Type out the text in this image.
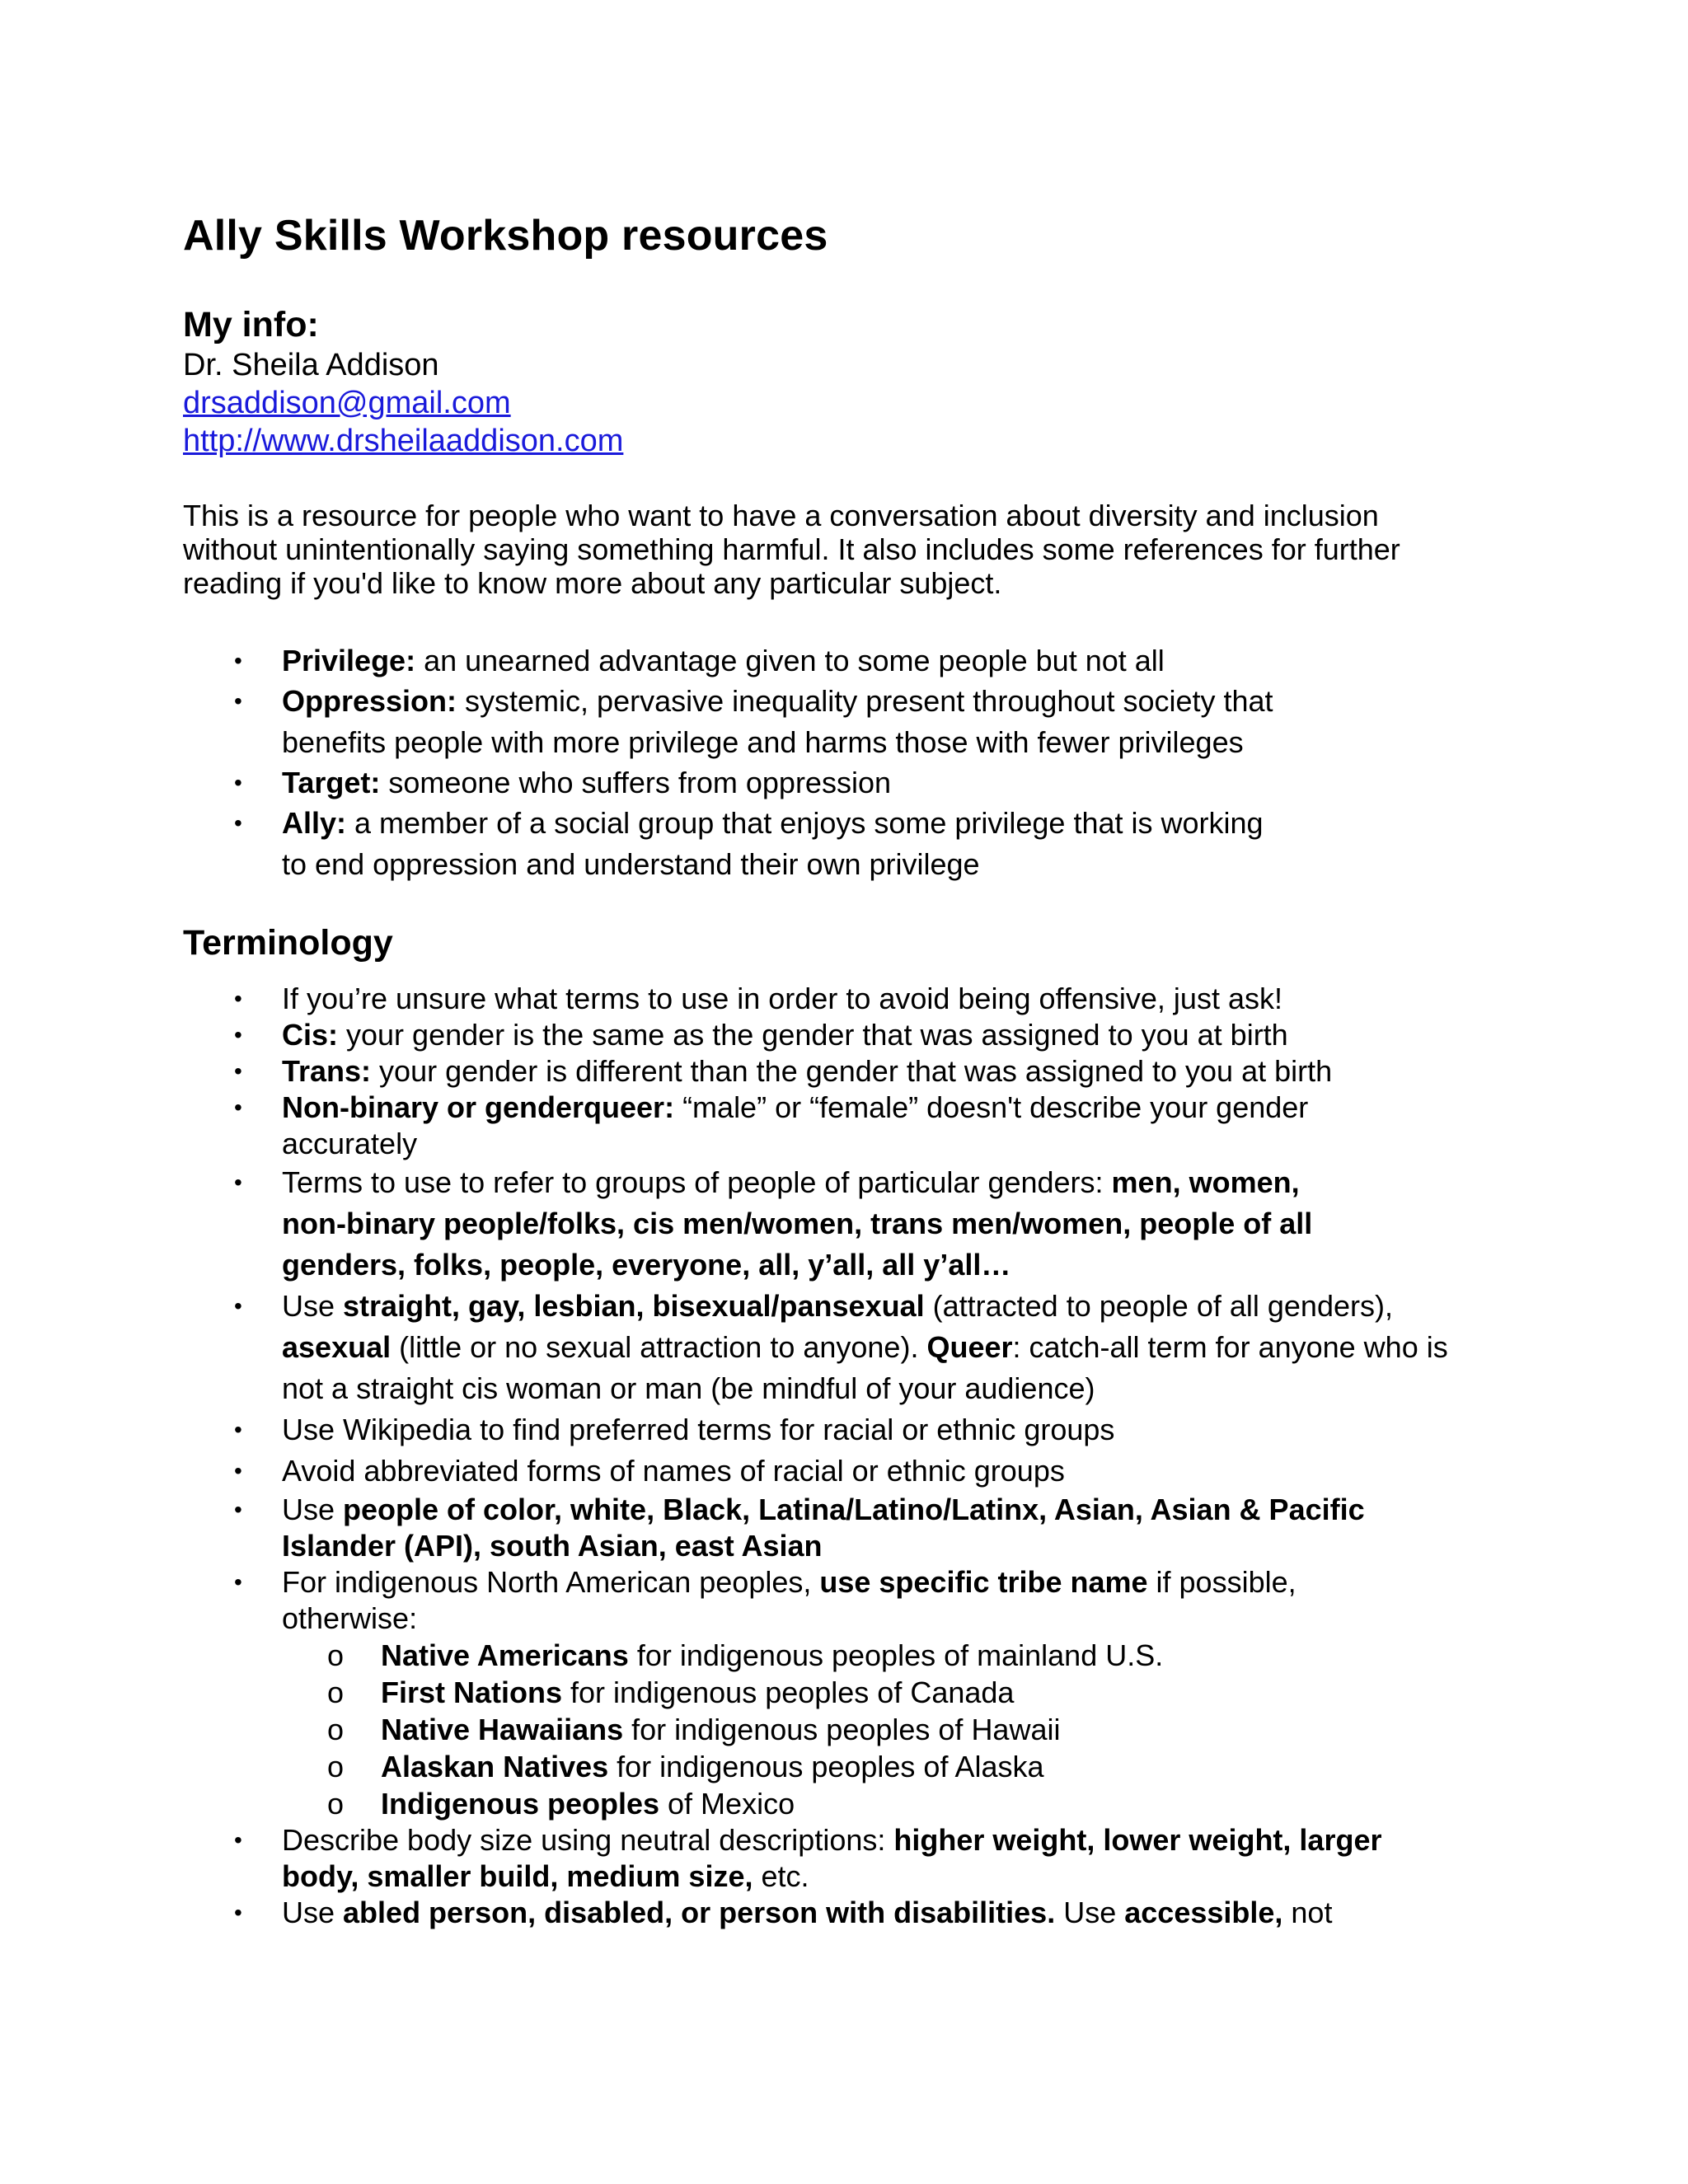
Ally Skills Workshop resources
My info:
Dr. Sheila Addison
drsaddison@gmail.com
http://www.drsheilaaddison.com

This is a resource for people who want to have a conversation about diversity and inclusion
without unintentionally saying something harmful. It also includes some references for further
reading if you'd like to know more about any particular subject.

• Privilege: an unearned advantage given to some people but not all
• Oppression: systemic, pervasive inequality present throughout society that
benefits people with more privilege and harms those with fewer privileges
• Target: someone who suffers from oppression
• Ally: a member of a social group that enjoys some privilege that is working
to end oppression and understand their own privilege
Terminology
• If you’re unsure what terms to use in order to avoid being offensive, just ask!
• Cis: your gender is the same as the gender that was assigned to you at birth
• Trans: your gender is different than the gender that was assigned to you at birth
• Non-binary or genderqueer: “male” or “female” doesn't describe your gender
accurately
• Terms to use to refer to groups of people of particular genders: men, women,
non-binary people/folks, cis men/women, trans men/women, people of all
genders, folks, people, everyone, all, y’all, all y’all…
• Use straight, gay, lesbian, bisexual/pansexual (attracted to people of all genders),
asexual (little or no sexual attraction to anyone). Queer: catch-all term for anyone who is
not a straight cis woman or man (be mindful of your audience)
• Use Wikipedia to find preferred terms for racial or ethnic groups
• Avoid abbreviated forms of names of racial or ethnic groups
• Use people of color, white, Black, Latina/Latino/Latinx, Asian, Asian & Pacific
Islander (API), south Asian, east Asian
• For indigenous North American peoples, use specific tribe name if possible,
otherwise:
o Native Americans for indigenous peoples of mainland U.S.
o First Nations for indigenous peoples of Canada
o Native Hawaiians for indigenous peoples of Hawaii
o Alaskan Natives for indigenous peoples of Alaska
o Indigenous peoples of Mexico
• Describe body size using neutral descriptions: higher weight, lower weight, larger
body, smaller build, medium size, etc.
• Use abled person, disabled, or person with disabilities. Use accessible, not
